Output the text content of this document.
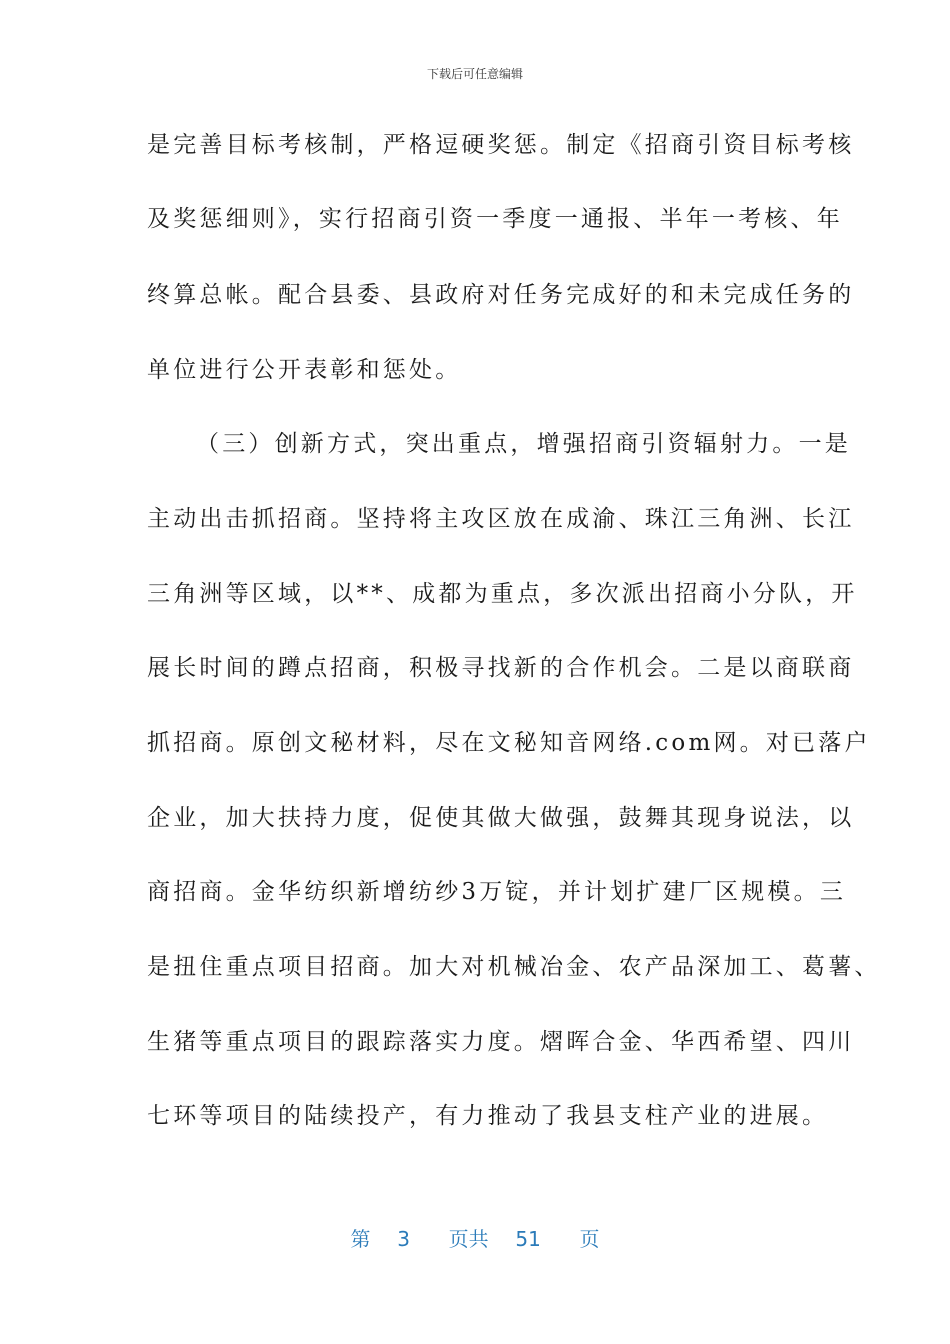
下载后可任意编辑
是完善目标考核制，严格逗硬奖惩。制定《招商引资目标考核
及奖惩细则》，实行招商引资一季度一通报、半年一考核、年
终算总帐。配合县委、县政府对任务完成好的和未完成任务的
单位进行公开表彰和惩处。
（三）创新方式，突出重点，增强招商引资辐射力。一是
主动出击抓招商。坚持将主攻区放在成渝、珠江三角洲、长江
三角洲等区域，以**、成都为重点，多次派出招商小分队，开
展长时间的蹲点招商，积极寻找新的合作机会。二是以商联商
抓招商。原创文秘材料，尽在文秘知音网络.com网。对已落户
企业，加大扶持力度，促使其做大做强，鼓舞其现身说法，以
商招商。金华纺织新增纺纱3万锭，并计划扩建厂区规模。三
是扭住重点项目招商。加大对机械冶金、农产品深加工、葛薯、
生猪等重点项目的跟踪落实力度。熠晖合金、华西希望、四川
七环等项目的陆续投产，有力推动了我县支柱产业的进展。
第 3 页共 51 页
